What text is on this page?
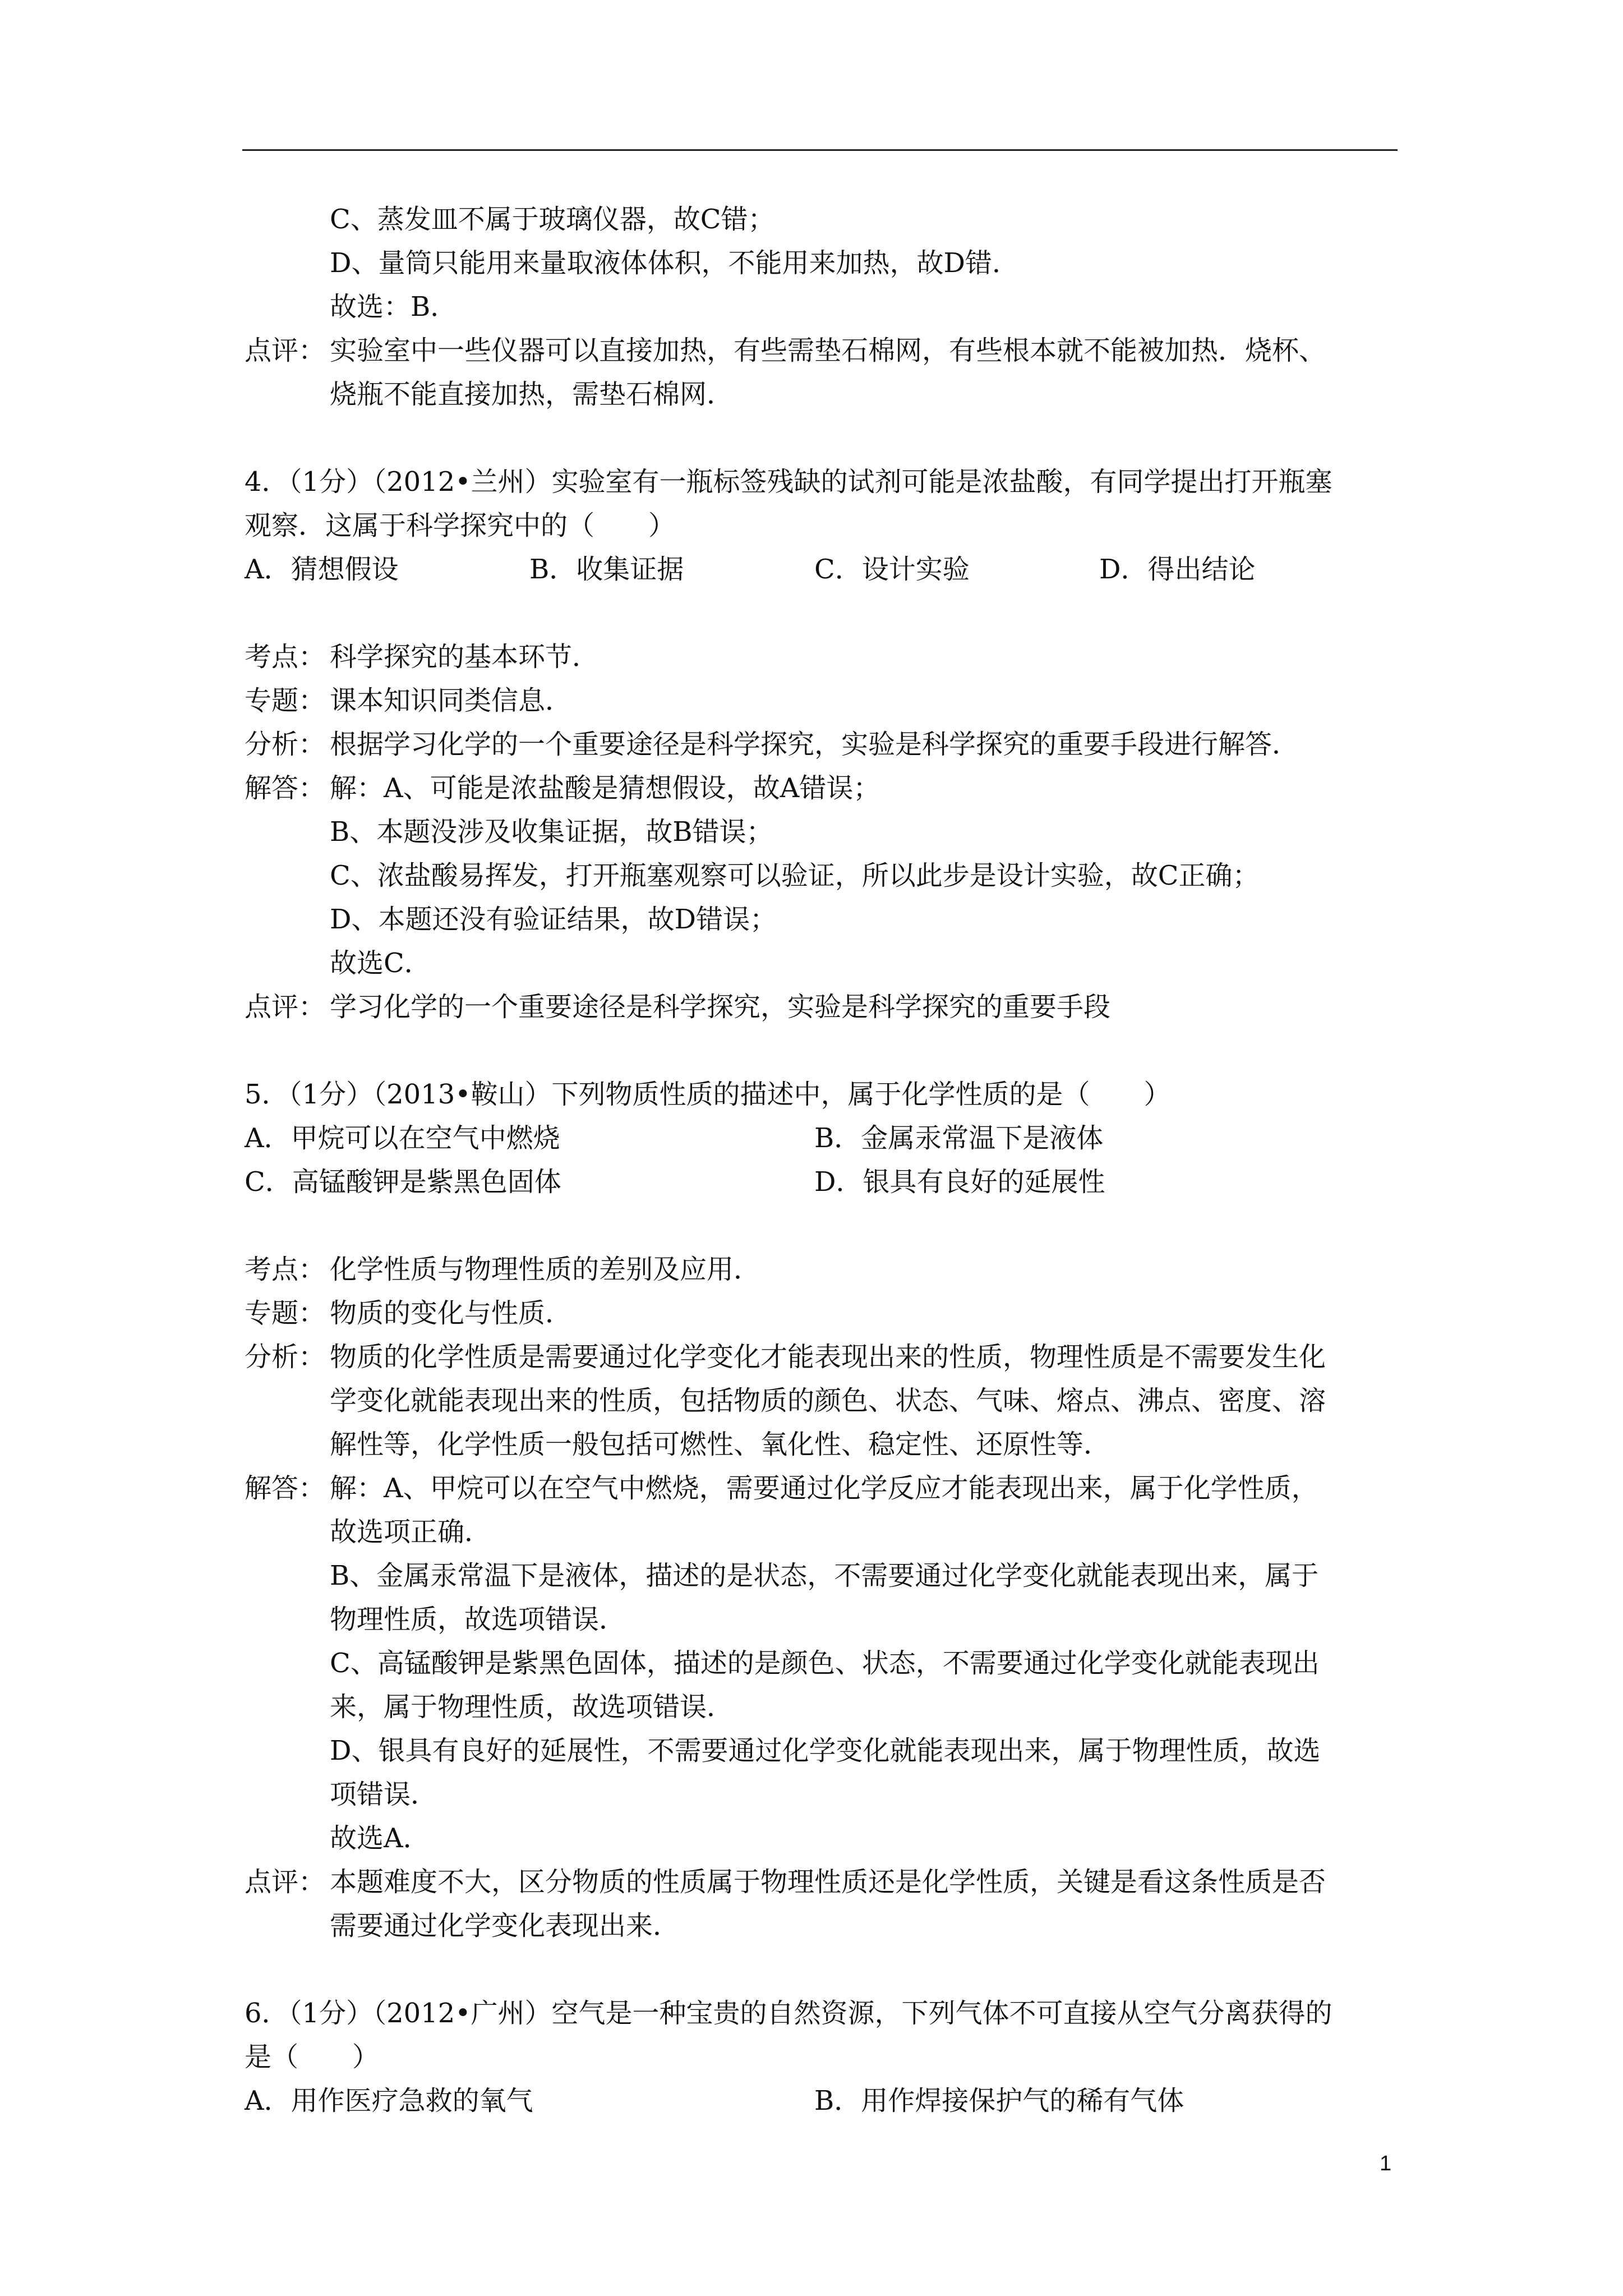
C、蒸发皿不属于玻璃仪器，故C错；
D、量筒只能用来量取液体体积，不能用来加热，故D错．
故选：B．
点评： 实验室中一些仪器可以直接加热，有些需垫石棉网，有些根本就不能被加热．烧杯、
烧瓶不能直接加热，需垫石棉网．
4．（1分）（2012•兰州）实验室有一瓶标签残缺的试剂可能是浓盐酸，有同学提出打开瓶塞
观察．这属于科学探究中的（　　）
A．猜想假设	B．收集证据	C．设计实验	D．得出结论
考点： 科学探究的基本环节．
专题： 课本知识同类信息．
分析： 根据学习化学的一个重要途径是科学探究，实验是科学探究的重要手段进行解答．
解答： 解：A、可能是浓盐酸是猜想假设，故A错误；
B、本题没涉及收集证据，故B错误；
C、浓盐酸易挥发，打开瓶塞观察可以验证，所以此步是设计实验，故C正确；
D、本题还没有验证结果，故D错误；
故选C．
点评： 学习化学的一个重要途径是科学探究，实验是科学探究的重要手段
5．（1分）（2013•鞍山）下列物质性质的描述中，属于化学性质的是（　　）
A．甲烷可以在空气中燃烧	B．金属汞常温下是液体
C．高锰酸钾是紫黑色固体	D．银具有良好的延展性
考点： 化学性质与物理性质的差别及应用．
专题： 物质的变化与性质．
分析： 物质的化学性质是需要通过化学变化才能表现出来的性质，物理性质是不需要发生化
学变化就能表现出来的性质，包括物质的颜色、状态、气味、熔点、沸点、密度、溶
解性等，化学性质一般包括可燃性、氧化性、稳定性、还原性等．
解答： 解：A、甲烷可以在空气中燃烧，需要通过化学反应才能表现出来，属于化学性质，
故选项正确．
B、金属汞常温下是液体，描述的是状态，不需要通过化学变化就能表现出来，属于
物理性质，故选项错误．
C、高锰酸钾是紫黑色固体，描述的是颜色、状态，不需要通过化学变化就能表现出
来，属于物理性质，故选项错误．
D、银具有良好的延展性，不需要通过化学变化就能表现出来，属于物理性质，故选
项错误．
故选A．
点评： 本题难度不大，区分物质的性质属于物理性质还是化学性质，关键是看这条性质是否
需要通过化学变化表现出来．
6．（1分）（2012•广州）空气是一种宝贵的自然资源，下列气体不可直接从空气分离获得的
是（　　）
A．用作医疗急救的氧气	B．用作焊接保护气的稀有气体
1
